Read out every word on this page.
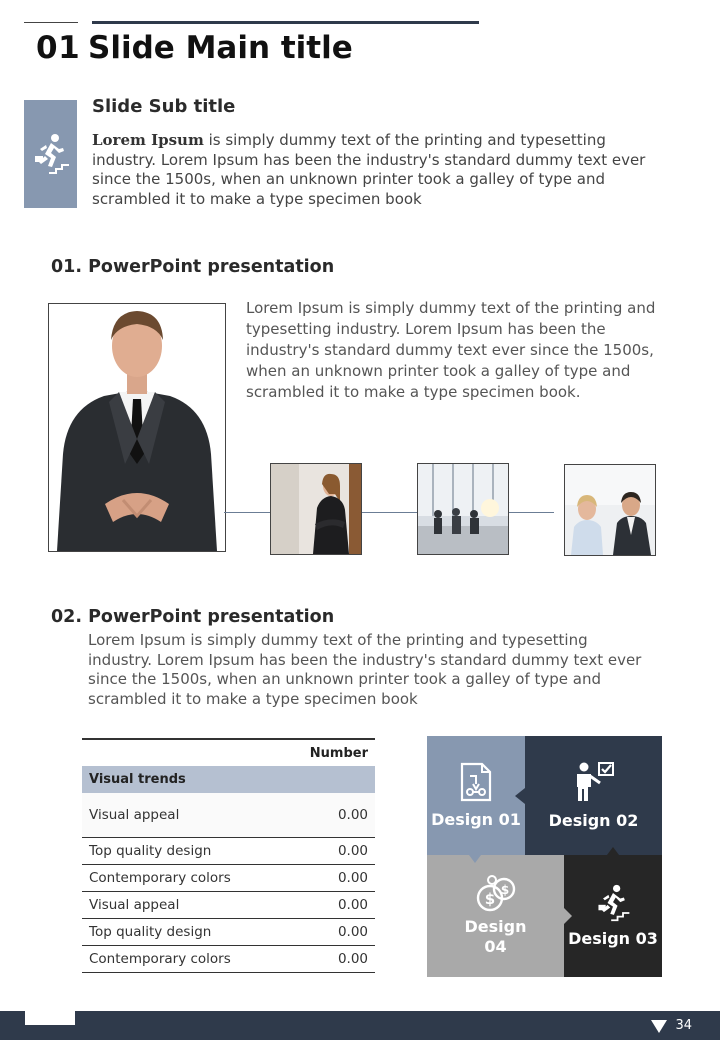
01 Slide Main title
Slide Sub title
Lorem Ipsum is simply dummy text of the printing and typesetting industry. Lorem Ipsum has been the industry's standard dummy text ever since the 1500s, when an unknown printer took a galley of type and scrambled it to make a type specimen book
01. PowerPoint presentation
Lorem Ipsum is simply dummy text of the printing and typesetting industry. Lorem Ipsum has been the industry's standard dummy text ever since the 1500s, when an unknown printer took a galley of type and scrambled it to make a type specimen book.
02. PowerPoint presentation
Lorem Ipsum is simply dummy text of the printing and typesetting industry. Lorem Ipsum has been the industry's standard dummy text ever since the 1500s, when an unknown printer took a galley of type and scrambled it to make a type specimen book
Number
Visual trends
Visual appeal	0.00
Top quality design	0.00
Contemporary colors	0.00
Visual appeal	0.00
Top quality design	0.00
Contemporary colors	0.00
Design 01 Design 02
$ $
Design
04	Design 03
34
